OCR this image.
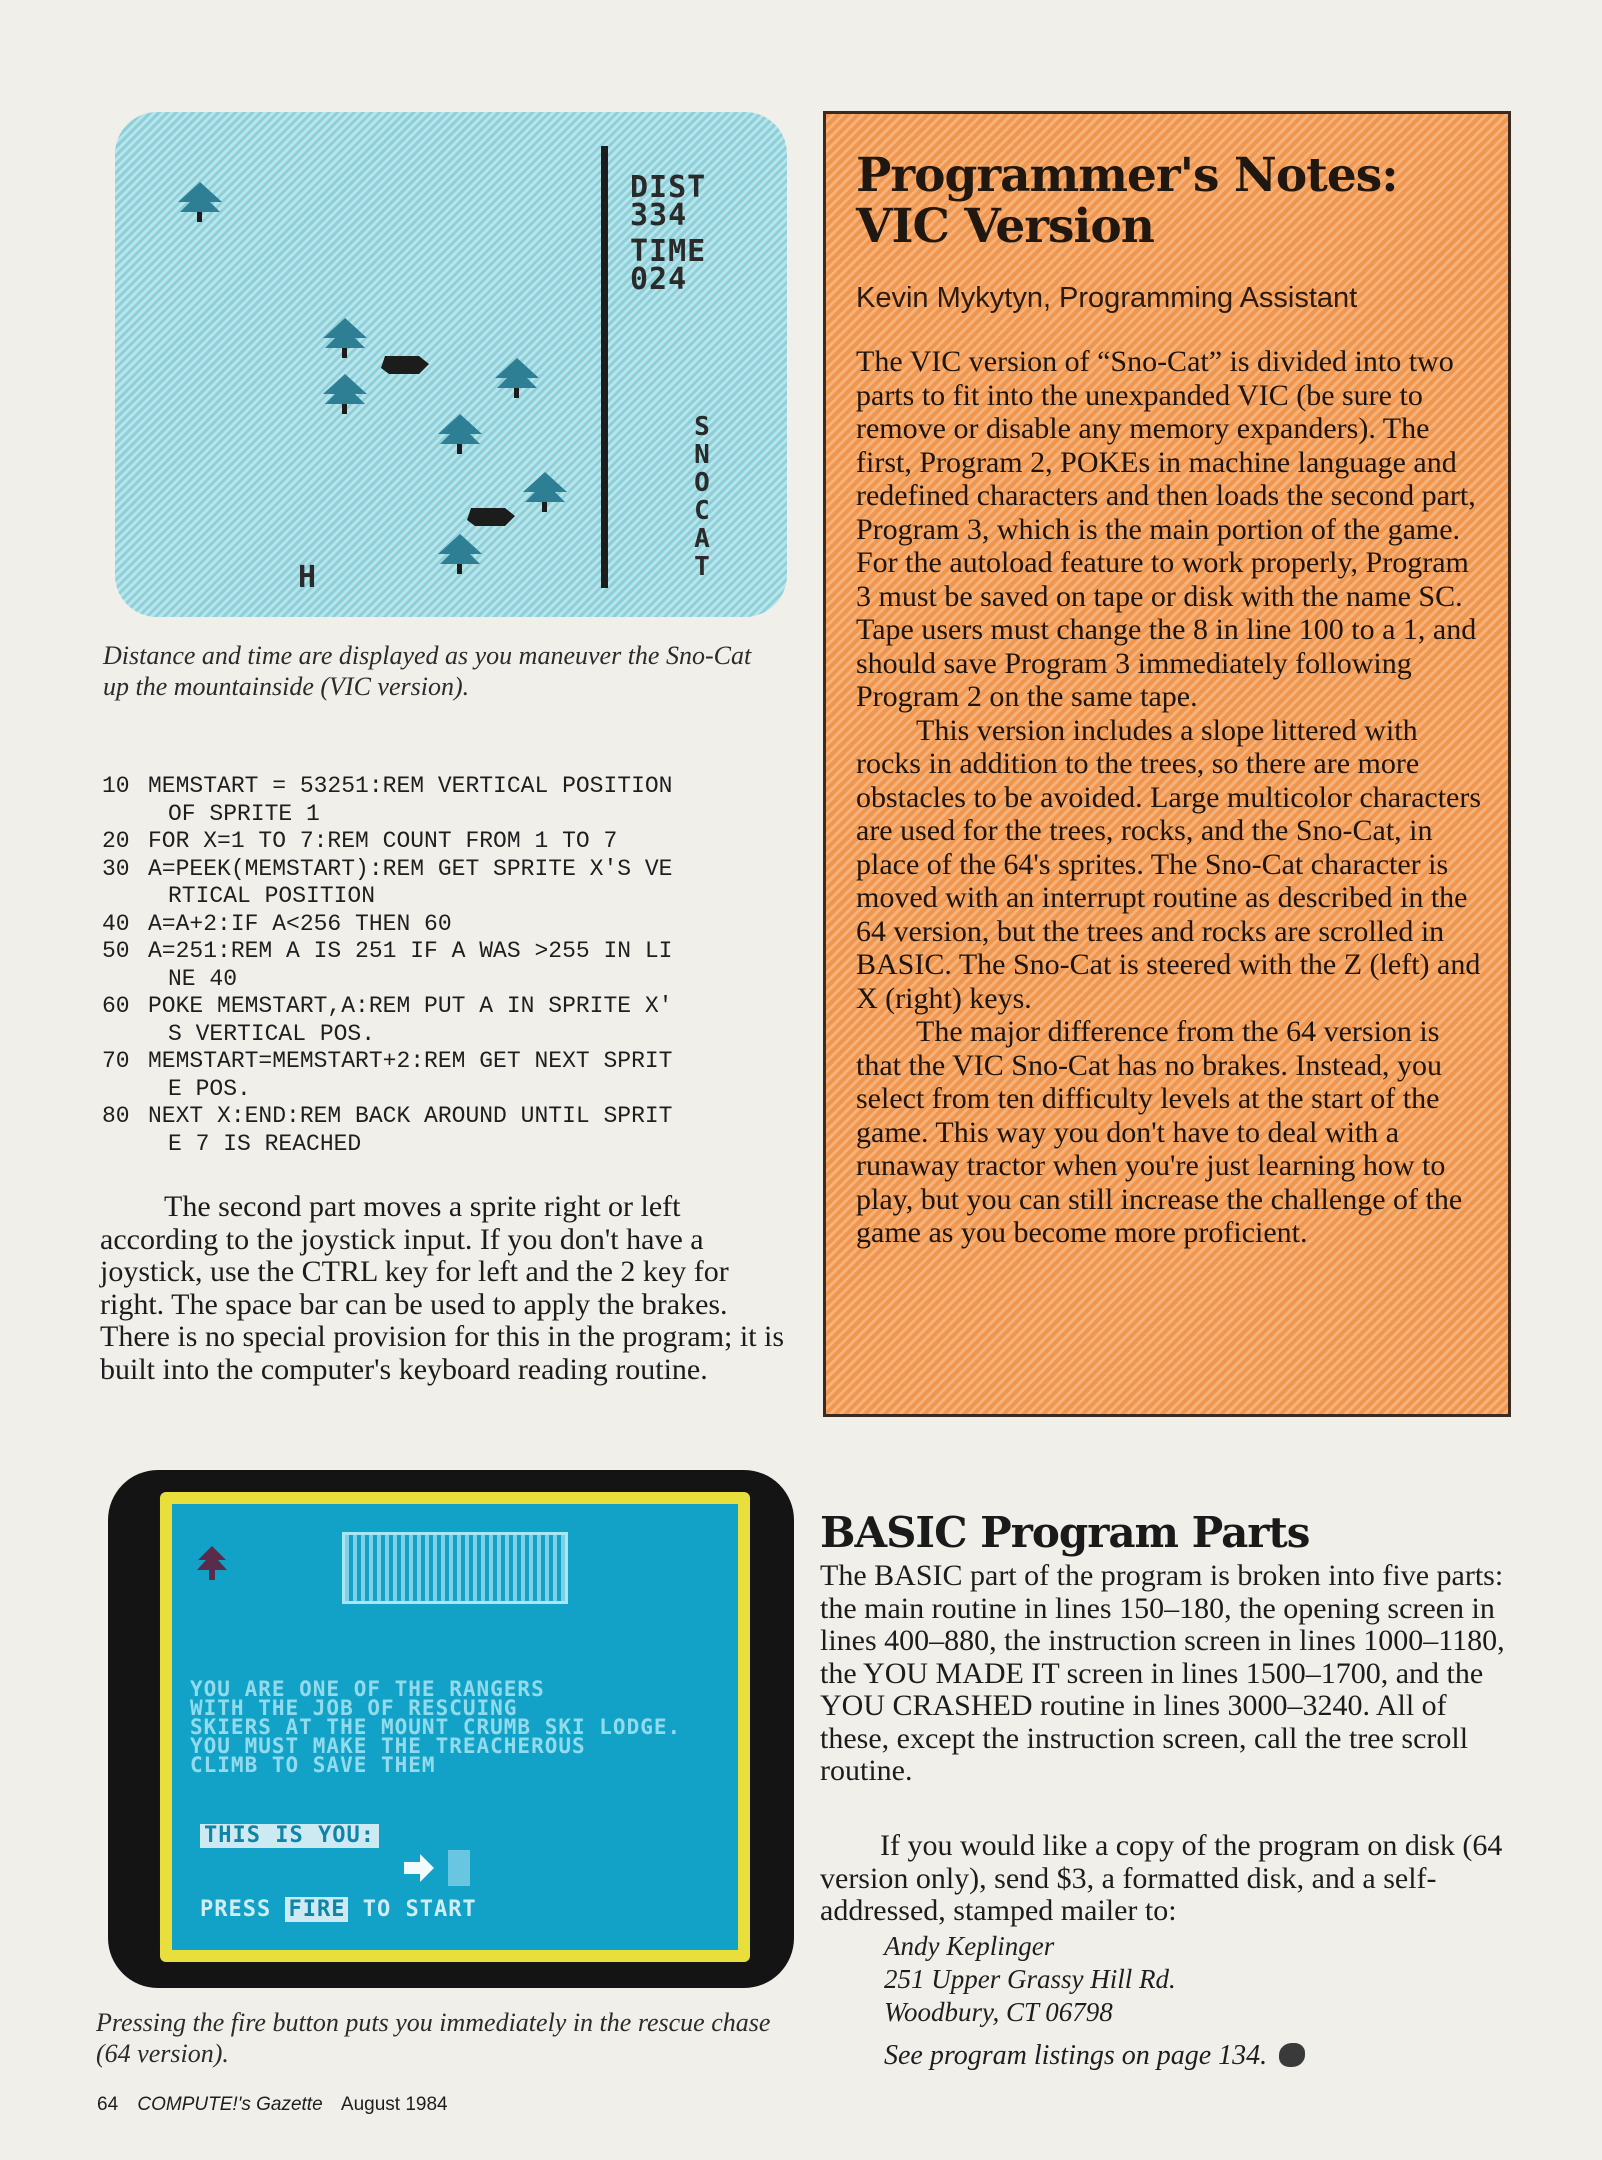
DIST
334
TIME
024
SNOCAT
H
Distance and time are displayed as you maneuver the Sno-Cat up the mountainside (VIC version).
10 MEMSTART = 53251:REM VERTICAL POSITION
OF SPRITE 1
20 FOR X=1 TO 7:REM COUNT FROM 1 TO 7
30 A=PEEK(MEMSTART):REM GET SPRITE X'S VE
RTICAL POSITION
40 A=A+2:IF A<256 THEN 60
50 A=251:REM A IS 251 IF A WAS >255 IN LI
NE 40
60 POKE MEMSTART,A:REM PUT A IN SPRITE X'
S VERTICAL POS.
70 MEMSTART=MEMSTART+2:REM GET NEXT SPRIT
E POS.
80 NEXT X:END:REM BACK AROUND UNTIL SPRIT
E 7 IS REACHED

The second part moves a sprite right or left according to the joystick input. If you don't have a joystick, use the CTRL key for left and the 2 key for right. The space bar can be used to apply the brakes. There is no special provision for this in the program; it is built into the computer's keyboard reading routine.

Programmer's Notes: VIC Version
Kevin Mykytyn, Programming Assistant

The VIC version of “Sno-Cat” is divided into two parts to fit into the unexpanded VIC (be sure to remove or disable any memory expanders). The first, Program 2, POKEs in machine language and redefined characters and then loads the second part, Program 3, which is the main portion of the game. For the autoload feature to work properly, Program 3 must be saved on tape or disk with the name SC. Tape users must change the 8 in line 100 to a 1, and should save Program 3 immediately following Program 2 on the same tape.

This version includes a slope littered with rocks in addition to the trees, so there are more obstacles to be avoided. Large multicolor characters are used for the trees, rocks, and the Sno-Cat, in place of the 64's sprites. The Sno-Cat character is moved with an interrupt routine as described in the 64 version, but the trees and rocks are scrolled in BASIC. The Sno-Cat is steered with the Z (left) and X (right) keys.

The major difference from the 64 version is that the VIC Sno-Cat has no brakes. Instead, you select from ten difficulty levels at the start of the game. This way you don't have to deal with a runaway tractor when you're just learning how to play, but you can still increase the challenge of the game as you become more proficient.

YOU ARE ONE OF THE RANGERS
WITH THE JOB OF RESCUING
SKIERS AT THE MOUNT CRUMB SKI LODGE.
YOU MUST MAKE THE TREACHEROUS
CLIMB TO SAVE THEM
THIS IS YOU:
PRESS FIRE TO START
Pressing the fire button puts you immediately in the rescue chase (64 version).
BASIC Program Parts

The BASIC part of the program is broken into five parts: the main routine in lines 150–180, the opening screen in lines 400–880, the instruction screen in lines 1000–1180, the YOU MADE IT screen in lines 1500–1700, and the YOU CRASHED routine in lines 3000–3240. All of these, except the instruction screen, call the tree scroll routine.

If you would like a copy of the program on disk (64 version only), send $3, a formatted disk, and a self-addressed, stamped mailer to:

Andy Keplinger
251 Upper Grassy Hill Rd.
Woodbury, CT 06798
See program listings on page 134.
64 COMPUTE!'s Gazette August 1984
